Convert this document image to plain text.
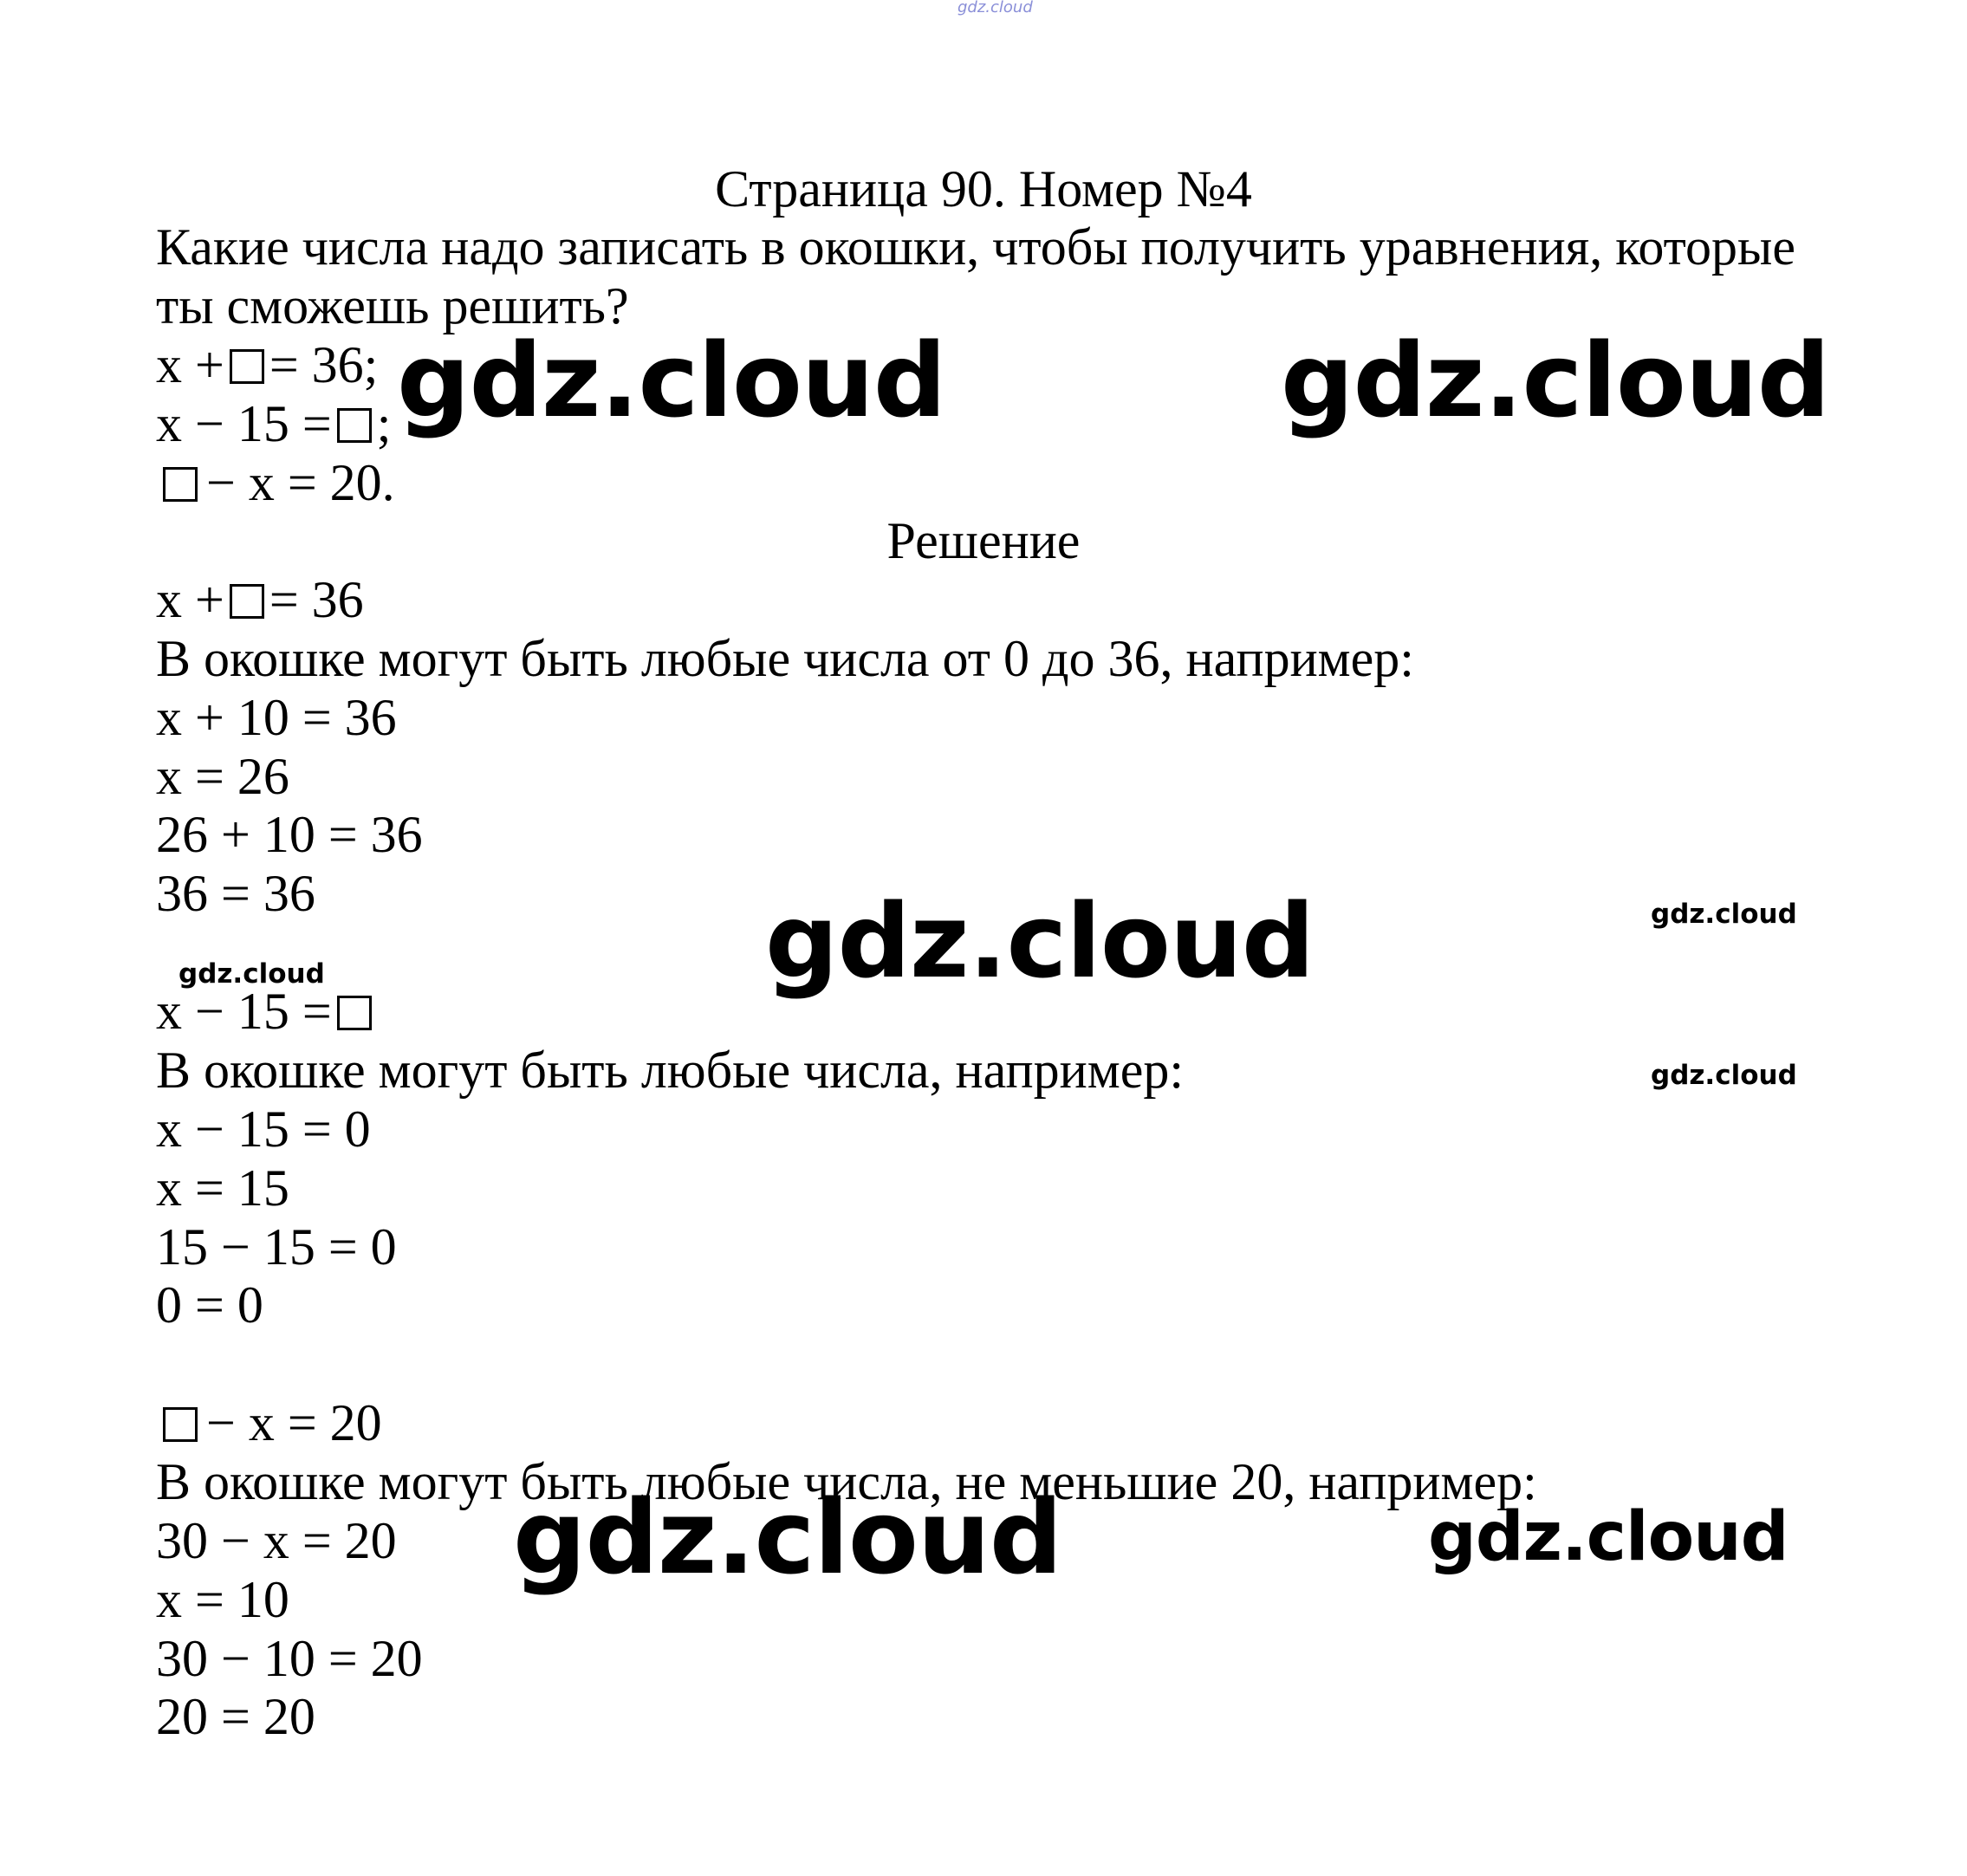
gdz.cloud
Страница 90. Номер №4

Какие числа надо записать в окошки, чтобы получить уравнения, которые

ты сможешь решить?

x + = 36;

x − 15 = ;

− x = 20.

Решение

x + = 36

В окошке могут быть любые числа от 0 до 36, например:

x + 10 = 36

x = 26

26 + 10 = 36

36 = 36

x − 15 =

В окошке могут быть любые числа, например:

x − 15 = 0

x = 15

15 − 15 = 0

0 = 0

− x = 20

В окошке могут быть любые числа, не меньшие 20, например:

30 − x = 20

x = 10

30 − 10 = 20

20 = 20

gdz.cloud	gdz.cloud
gdz.cloud	gdz.cloud
gdz.cloud
gdz.cloud
gdz.cloud	gdz.cloud
